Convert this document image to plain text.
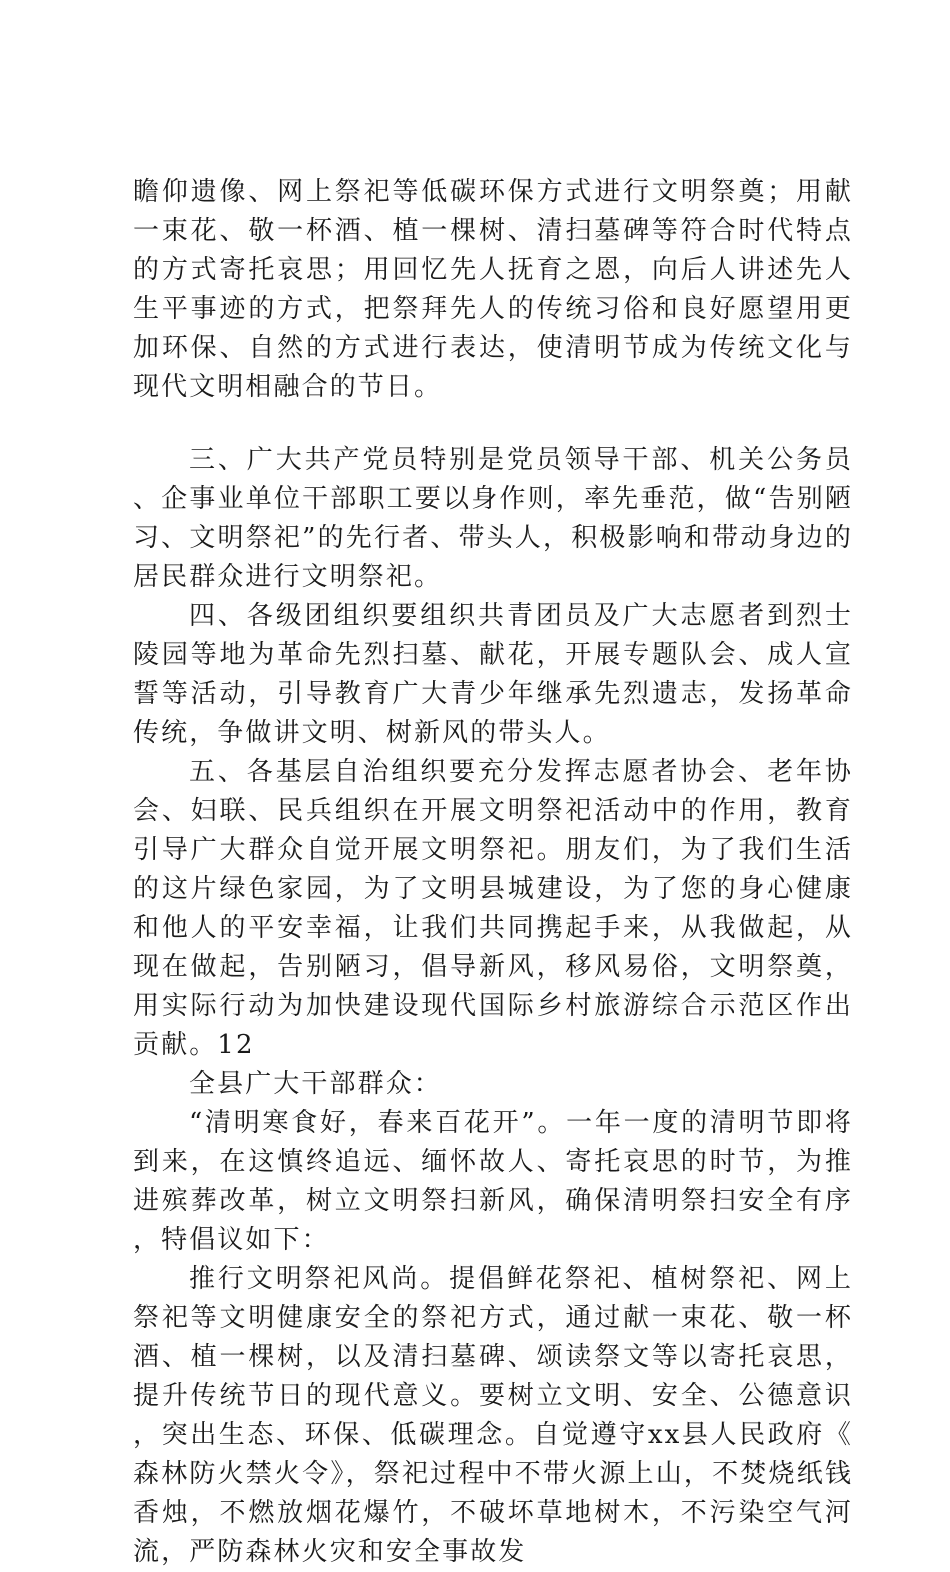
瞻仰遗像、网上祭祀等低碳环保方式进行文明祭奠；用献一束花、敬一杯酒、植一棵树、清扫墓碑等符合时代特点的方式寄托哀思；用回忆先人抚育之恩，向后人讲述先人生平事迹的方式，把祭拜先人的传统习俗和良好愿望用更加环保、自然的方式进行表达，使清明节成为传统文化与现代文明相融合的节日。

三、广大共产党员特别是党员领导干部、机关公务员、企事业单位干部职工要以身作则，率先垂范，做“告别陋习、文明祭祀”的先行者、带头人，积极影响和带动身边的居民群众进行文明祭祀。

四、各级团组织要组织共青团员及广大志愿者到烈士陵园等地为革命先烈扫墓、献花，开展专题队会、成人宣誓等活动，引导教育广大青少年继承先烈遗志，发扬革命传统，争做讲文明、树新风的带头人。

五、各基层自治组织要充分发挥志愿者协会、老年协会、妇联、民兵组织在开展文明祭祀活动中的作用，教育引导广大群众自觉开展文明祭祀。朋友们，为了我们生活的这片绿色家园，为了文明县城建设，为了您的身心健康和他人的平安幸福，让我们共同携起手来，从我做起，从现在做起，告别陋习，倡导新风，移风易俗，文明祭奠，用实际行动为加快建设现代国际乡村旅游综合示范区作出贡献。12

全县广大干部群众：

“清明寒食好，春来百花开”。一年一度的清明节即将到来，在这慎终追远、缅怀故人、寄托哀思的时节，为推进殡葬改革，树立文明祭扫新风，确保清明祭扫安全有序，特倡议如下：

推行文明祭祀风尚。提倡鲜花祭祀、植树祭祀、网上祭祀等文明健康安全的祭祀方式，通过献一束花、敬一杯酒、植一棵树，以及清扫墓碑、颂读祭文等以寄托哀思，提升传统节日的现代意义。要树立文明、安全、公德意识，突出生态、环保、低碳理念。自觉遵守xx县人民政府《森林防火禁火令》，祭祀过程中不带火源上山，不焚烧纸钱香烛，不燃放烟花爆竹，不破坏草地树木，不污染空气河流，严防森林火灾和安全事故发
